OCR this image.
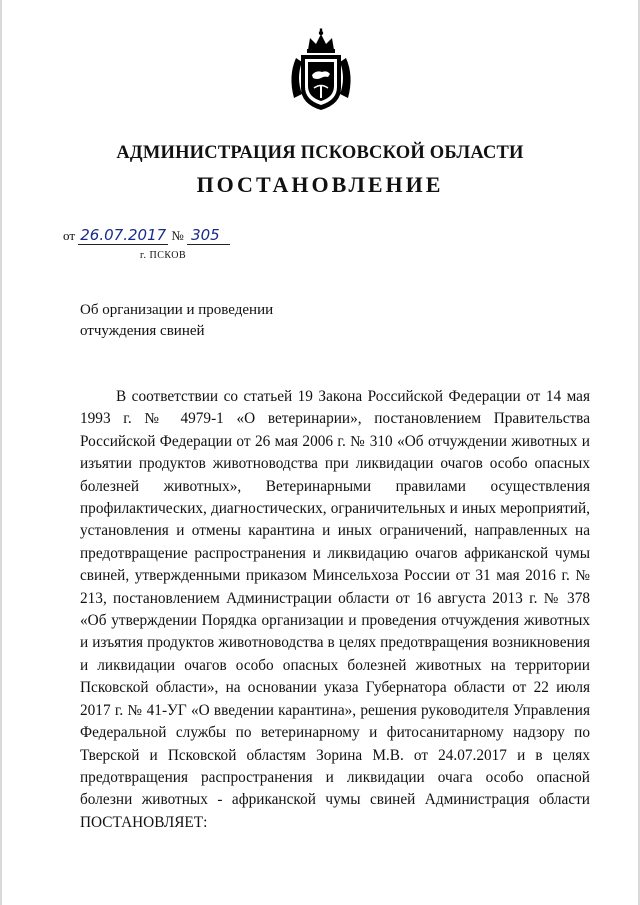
АДМИНИСТРАЦИЯ ПСКОВСКОЙ ОБЛАСТИ
ПОСТАНОВЛЕНИЕ
от 26.07.2017 № 305
г. ПСКОВ
Об организации и проведении
отчуждения свиней

В соответствии со статьей 19 Закона Российской Федерации от 14 мая 1993 г. № 4979-1 «О ветеринарии», постановлением Правительства Российской Федерации от 26 мая 2006 г. № 310 «Об отчуждении животных и изъятии продуктов животноводства при ликвидации очагов особо опасных болезней животных», Ветеринарными правилами осуществления профилактических, диагностических, ограничительных и иных мероприятий, установления и отмены карантина и иных ограничений, направленных на предотвращение распространения и ликвидацию очагов африканской чумы свиней, утвержденными приказом Минсельхоза России от 31 мая 2016 г. № 213, постановлением Администрации области от 16 августа 2013 г. № 378 «Об утверждении Порядка организации и проведения отчуждения животных и изъятия продуктов животноводства в целях предотвращения возникновения и ликвидации очагов особо опасных болезней животных на территории Псковской области», на основании указа Губернатора области от 22 июля 2017 г. № 41-УГ «О введении карантина», решения руководителя Управления Федеральной службы по ветеринарному и фитосанитарному надзору по Тверской и Псковской областям Зорина М.В. от 24.07.2017 и в целях предотвращения распространения и ликвидации очага особо опасной болезни животных - африканской чумы свиней Администрация области ПОСТАНОВЛЯЕТ:
